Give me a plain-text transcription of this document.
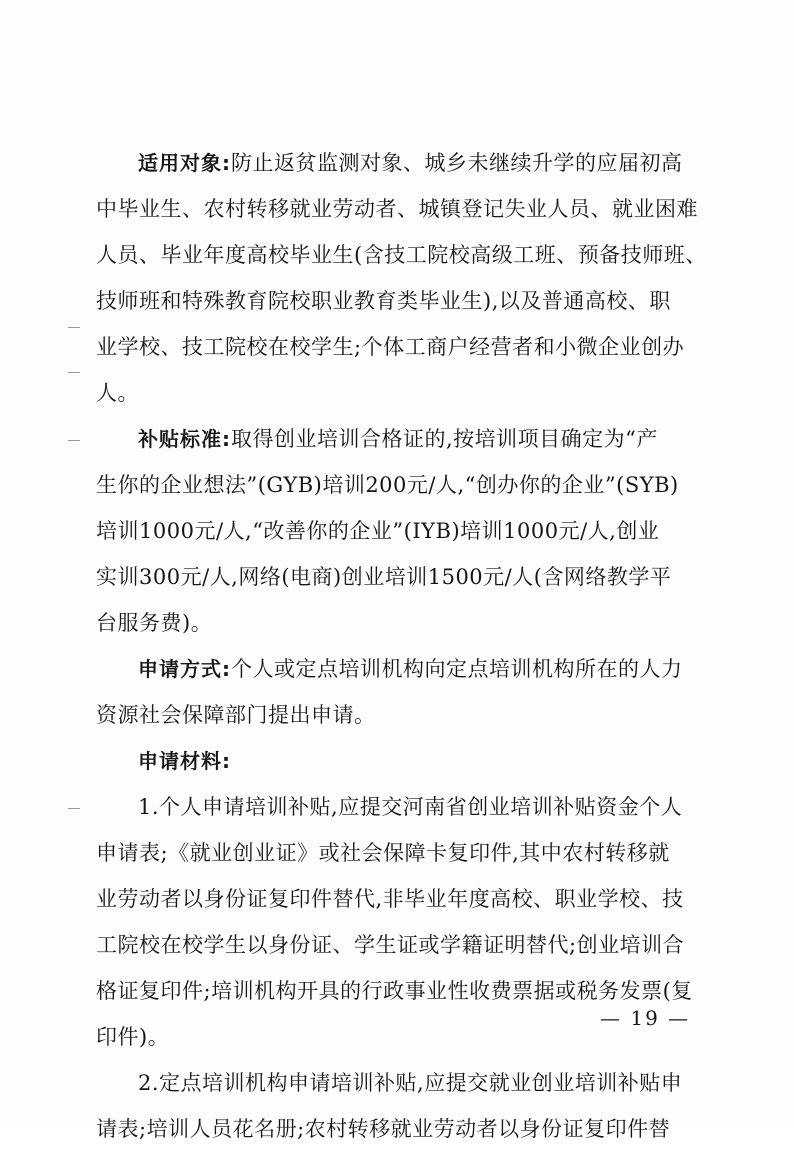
适用对象:防止返贫监测对象、城乡未继续升学的应届初高
中毕业生、农村转移就业劳动者、城镇登记失业人员、就业困难
人员、毕业年度高校毕业生(含技工院校高级工班、预备技师班、
技师班和特殊教育院校职业教育类毕业生),以及普通高校、职
业学校、技工院校在校学生;个体工商户经营者和小微企业创办
人。
补贴标准:取得创业培训合格证的,按培训项目确定为“产
生你的企业想法”(GYB)培训200元/人,“创办你的企业”(SYB)
培训1000元/人,“改善你的企业”(IYB)培训1000元/人,创业
实训300元/人,网络(电商)创业培训1500元/人(含网络教学平
台服务费)。
申请方式:个人或定点培训机构向定点培训机构所在的人力
资源社会保障部门提出申请。
申请材料:
1.个人申请培训补贴,应提交河南省创业培训补贴资金个人
申请表;《就业创业证》或社会保障卡复印件,其中农村转移就
业劳动者以身份证复印件替代,非毕业年度高校、职业学校、技
工院校在校学生以身份证、学生证或学籍证明替代;创业培训合
格证复印件;培训机构开具的行政事业性收费票据或税务发票(复
印件)。
2.定点培训机构申请培训补贴,应提交就业创业培训补贴申
请表;培训人员花名册;农村转移就业劳动者以身份证复印件替
— 19 —
